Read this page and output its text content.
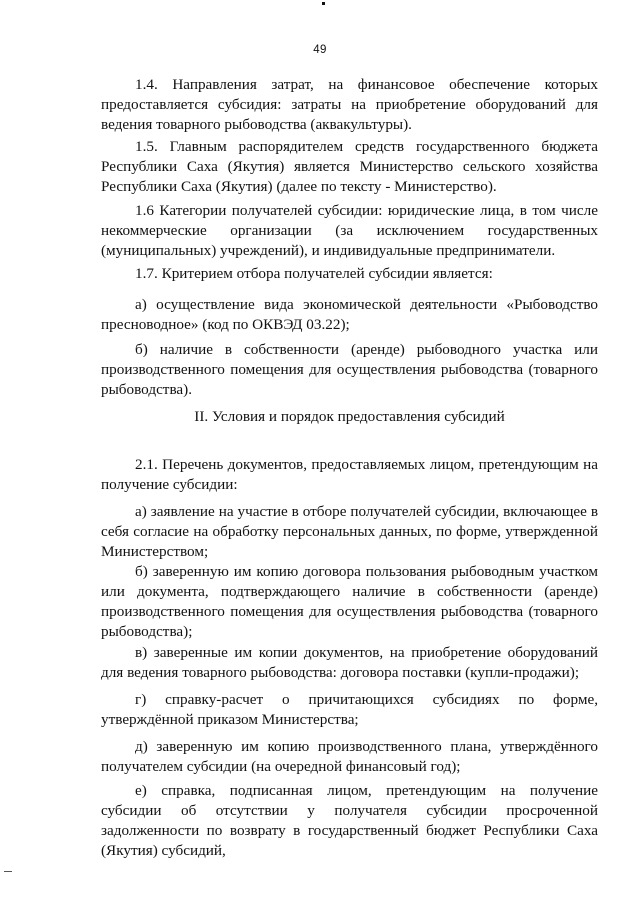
49

1.4. Направления затрат, на финансовое обеспечение которых предоставляется субсидия: затраты на приобретение оборудований для ведения товарного рыбоводства (аквакультуры).

1.5. Главным распорядителем средств государственного бюджета Республики Саха (Якутия) является Министерство сельского хозяйства Республики Саха (Якутия) (далее по тексту - Министерство).

1.6 Категории получателей субсидии: юридические лица, в том числе некоммерческие организации (за исключением государственных (муниципальных) учреждений), и индивидуальные предприниматели.

1.7. Критерием отбора получателей субсидии является:

а) осуществление вида экономической деятельности «Рыбоводство пресноводное» (код по ОКВЭД 03.22);

б) наличие в собственности (аренде) рыбоводного участка или производственного помещения для осуществления рыбоводства (товарного рыбоводства).

II. Условия и порядок предоставления субсидий

2.1. Перечень документов, предоставляемых лицом, претендующим на получение субсидии:

а) заявление на участие в отборе получателей субсидии, включающее в себя согласие на обработку персональных данных, по форме, утвержденной Министерством;

б) заверенную им копию договора пользования рыбоводным участком или документа, подтверждающего наличие в собственности (аренде) производственного помещения для осуществления рыбоводства (товарного рыбоводства);

в) заверенные им копии документов, на приобретение оборудований для ведения товарного рыбоводства: договора поставки (купли-продажи);

г) справку-расчет о причитающихся субсидиях по форме, утверждённой приказом Министерства;

д) заверенную им копию производственного плана, утверждённого получателем субсидии (на очередной финансовый год);

е) справка, подписанная лицом, претендующим на получение субсидии об отсутствии у получателя субсидии просроченной задолженности по возврату в государственный бюджет Республики Саха (Якутия) субсидий,
